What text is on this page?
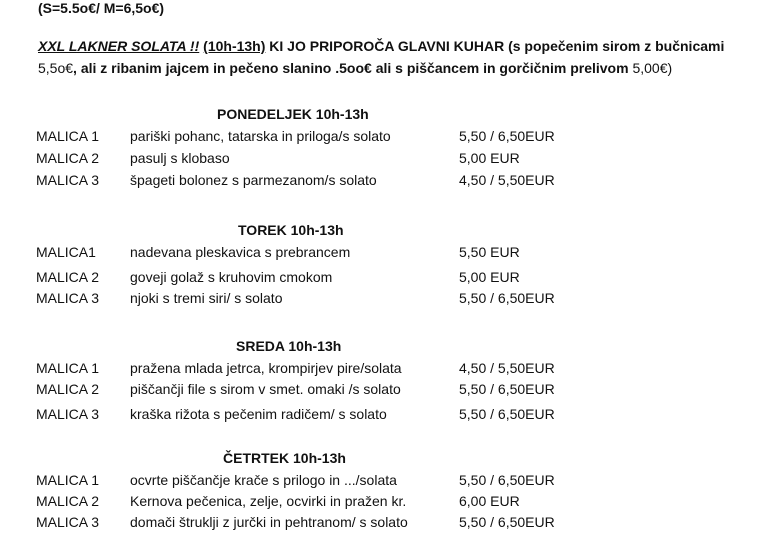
(S=5.5o€/ M=6,5o€)
XXL LAKNER SOLATA !! (10h-13h) KI JO PRIPOROČA GLAVNI KUHAR (s popečenim sirom z bučnicami
5,5o€, ali z ribanim jajcem in pečeno slanino .5oo€ ali s piščancem in gorčičnim prelivom 5,00€)
PONEDELJEK 10h-13h
MALICA 1 pariški pohanc, tatarska in priloga/s solato	5,50 / 6,50EUR
MALICA 2 pasulj s klobaso	5,00 EUR
MALICA 3 špageti bolonez s parmezanom/s solato	4,50 / 5,50EUR
TOREK 10h-13h
MALICA1 nadevana pleskavica s prebrancem	5,50 EUR
MALICA 2 goveji golaž s kruhovim cmokom	5,00 EUR
MALICA 3 njoki s tremi siri/ s solato	5,50 / 6,50EUR
SREDA 10h-13h
MALICA 1 pražena mlada jetrca, krompirjev pire/solata	4,50 / 5,50EUR
MALICA 2 piščančji file s sirom v smet. omaki /s solato	5,50 / 6,50EUR
MALICA 3 kraška rižota s pečenim radičem/ s solato	5,50 / 6,50EUR
ČETRTEK 10h-13h
MALICA 1 ocvrte piščančje krače s prilogo in .../solata	5,50 / 6,50EUR
MALICA 2 Kernova pečenica, zelje, ocvirki in pražen kr.	6,00 EUR
MALICA 3 domači štruklji z jurčki in pehtranom/ s solato	5,50 / 6,50EUR
